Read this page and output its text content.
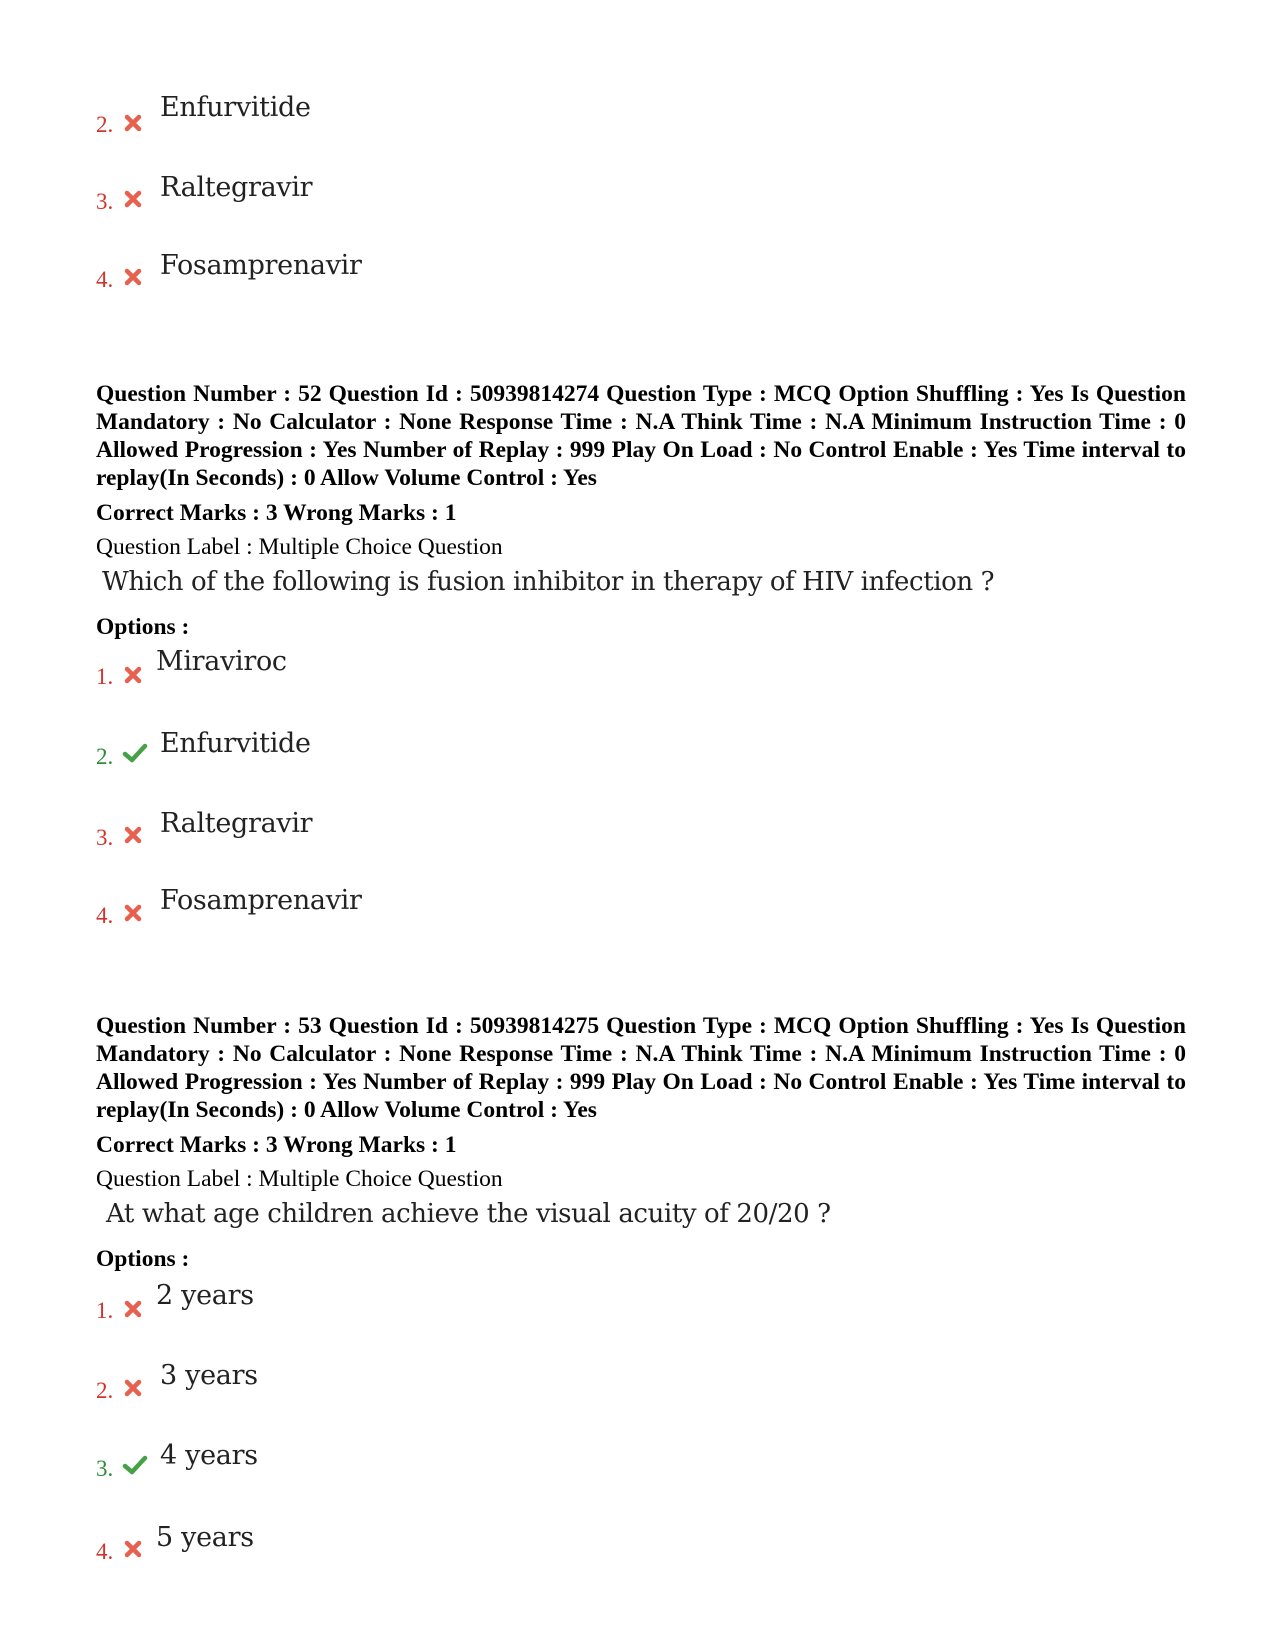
2.
Enfurvitide
3. Raltegravir
4. Fosamprenavir
Question Number : 52 Question Id : 50939814274 Question Type : MCQ Option Shuffling : Yes Is Question Mandatory : No Calculator : None Response Time : N.A Think Time : N.A Minimum Instruction Time : 0 Allowed Progression : Yes Number of Replay : 999 Play On Load : No Control Enable : Yes Time interval to replay(In Seconds) : 0 Allow Volume Control : Yes
Correct Marks : 3 Wrong Marks : 1
Question Label : Multiple Choice Question
Which of the following is fusion inhibitor in therapy of HIV infection ?
Options :
1. Miraviroc
2. Enfurvitide
3. Raltegravir
4. Fosamprenavir
Question Number : 53 Question Id : 50939814275 Question Type : MCQ Option Shuffling : Yes Is Question Mandatory : No Calculator : None Response Time : N.A Think Time : N.A Minimum Instruction Time : 0 Allowed Progression : Yes Number of Replay : 999 Play On Load : No Control Enable : Yes Time interval to replay(In Seconds) : 0 Allow Volume Control : Yes
Correct Marks : 3 Wrong Marks : 1
Question Label : Multiple Choice Question
At what age children achieve the visual acuity of 20/20 ?
Options :
1. 2 years
2. 3 years
3. 4 years
4. 5 years
